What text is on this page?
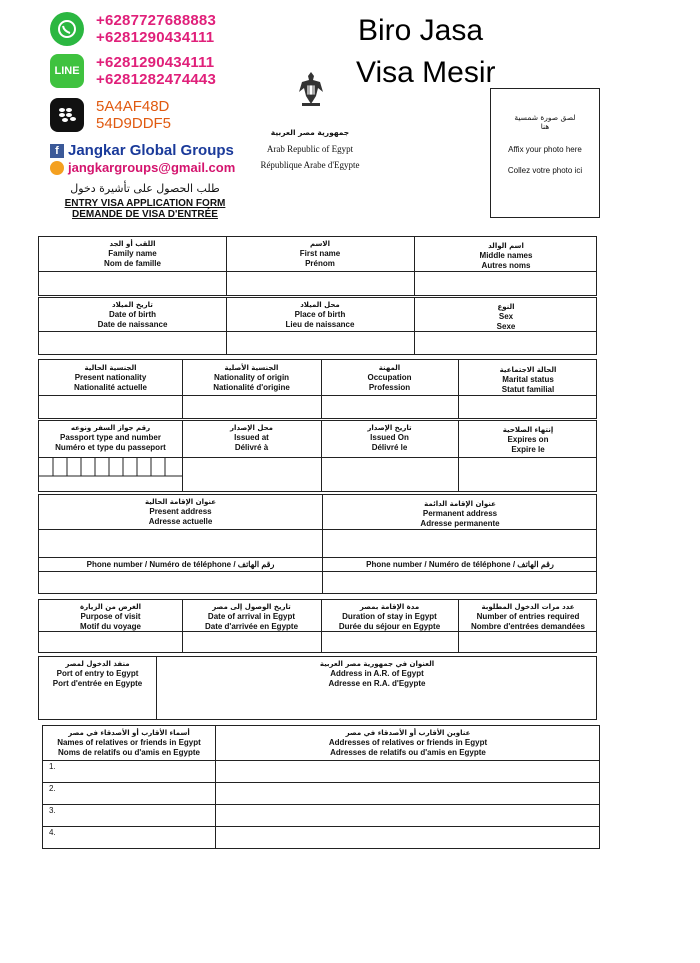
+6287727688883
+6281290434111
LINE +6281290434111
+6281282474443
5A4AF48D
54D9DDF5
f Jangkar Global Groups
jangkargroups@gmail.com
Biro Jasa
Visa Mesir
جمهورية مصر العربية
Arab Republic of Egypt
République Arabe d'Egypte
طلب الحصول على تأشيرة دخول
ENTRY VISA APPLICATION FORM
DEMANDE DE VISA D'ENTRÉE
لصق صورة شمسية هنا
Affix your photo here
Collez votre photo ici
اللقب أو الجد
Family name
Nom de famille
الاسم
First name
Prénom
اسم الوالد
Middle names
Autres noms
تاريخ الميلاد
Date of birth
Date de naissance
محل الميلاد
Place of birth
Lieu de naissance
النوع
Sex
Sexe
الجنسية الحالية
Present nationality
Nationalité actuelle
الجنسية الأصلية
Nationality of origin
Nationalité d'origine
المهنة
Occupation
Profession
الحالة الاجتماعية
Marital status
Statut familial
رقم جواز السفر ونوعه
Passport type and number
Numéro et type du passeport
محل الإصدار
Issued at
Délivré à
تاريخ الإصدار
Issued On
Délivré le
إنتهاء الصلاحية
Expires on
Expire le
عنوان الإقامة الحالية
Present address
Adresse actuelle
عنوان الإقامة الدائمة
Permanent address
Adresse permanente
Phone number / Numéro de téléphone / رقم الهاتف	Phone number / Numéro de téléphone / رقم الهاتف
الغرض من الزيارة
Purpose of visit
Motif du voyage
تاريخ الوصول إلى مصر
Date of arrival in Egypt
Date d'arrivée en Egypte
مدة الإقامة بمصر
Duration of stay in Egypt
Durée du séjour en Egypte
عدد مرات الدخول المطلوبة
Number of entries required
Nombre d'entrées demandées
منفذ الدخول لمصر
Port of entry to Egypt
Port d'entrée en Egypte
العنوان في جمهورية مصر العربية
Address in A.R. of Egypt
Adresse en R.A. d'Egypte
أسماء الأقارب أو الأصدقاء في مصر
Names of relatives or friends in Egypt
Noms de relatifs ou d'amis en Egypte
عناوين الأقارب أو الأصدقاء في مصر
Addresses of relatives or friends in Egypt
Adresses de relatifs ou d'amis en Egypte
1.
2.
3.
4.
